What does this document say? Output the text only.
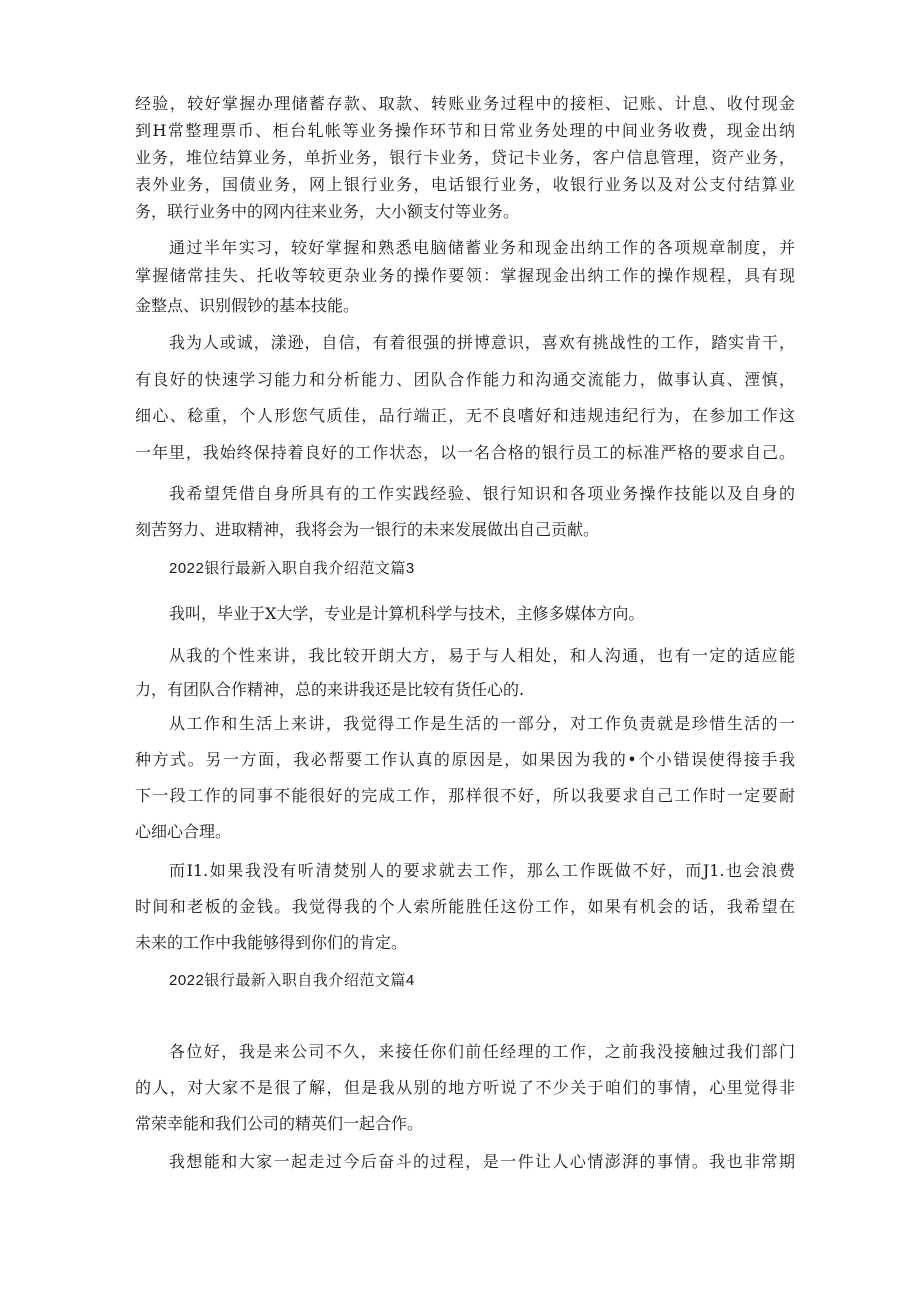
经验，较好掌握办理储蓄存款、取款、转账业务过程中的接柜、记账、计息、收付现金

到H常整理票币、柜台轧帐等业务操作环节和日常业务处理的中间业务收费，现金出纳

业务，堆位结算业务，单折业务，银行卡业务，贷记卡业务，客户信息管理，资产业务，

表外业务，国债业务，网上银行业务，电话银行业务，收银行业务以及对公支付结算业

务，联行业务中的网内往来业务，大小额支付等业务。

通过半年实习，较好掌握和熟悉电脑储蓄业务和现金出纳工作的各项规章制度，并

掌握储常挂失、托收等较更杂业务的操作要领：掌握现金出纳工作的操作规程，具有现

金整点、识别假钞的基本技能。

我为人或诚，漾逊，自信，有着很强的拼博意识，喜欢有挑战性的工作，踏实肯干，

有良好的快速学习能力和分析能力、团队合作能力和沟通交流能力，做事认真、湮慎，

细心、稔重，个人形您气质佳，品行端正，无不良嗜好和违规违纪行为，在参加工作这

一年里，我始终保持着良好的工作状态，以一名合格的银行员工的标准严格的要求自己。

我希望凭借自身所具有的工作实践经验、银行知识和各项业务操作技能以及自身的

刻苦努力、进取精神，我将会为一银行的未来发展做出自己贡献。

2022银行最新入职自我介绍范文篇3

我叫，毕业于X大学，专业是计算机科学与技术，主修多媒体方向。

从我的个性来讲，我比较开朗大方，易于与人相处，和人沟通，也有一定的适应能

力，有团队合作精神，总的来讲我还是比较有货任心的.

从工作和生活上来讲，我觉得工作是生活的一部分，对工作负责就是珍惜生活的一

种方式。另一方面，我必帮要工作认真的原因是，如果因为我的•个小错误使得接手我

下一段工作的同事不能很好的完成工作，那样很不好，所以我要求自己工作时一定要耐

心细心合理。

而I1.如果我没有听清焚别人的要求就去工作，那么工作既做不好，而J1.也会浪费

时间和老板的金钱。我觉得我的个人索所能胜任这份工作，如果有机会的话，我希望在

未来的工作中我能够得到你们的肯定。

2022银行最新入职自我介绍范文篇4

各位好，我是来公司不久，来接任你们前任经理的工作，之前我没接触过我们部门

的人，对大家不是很了解，但是我从别的地方听说了不少关于咱们的事情，心里觉得非

常荣幸能和我们公司的精英们一起合作。

我想能和大家一起走过今后奋斗的过程，是一件让人心情澎湃的事情。我也非常期
